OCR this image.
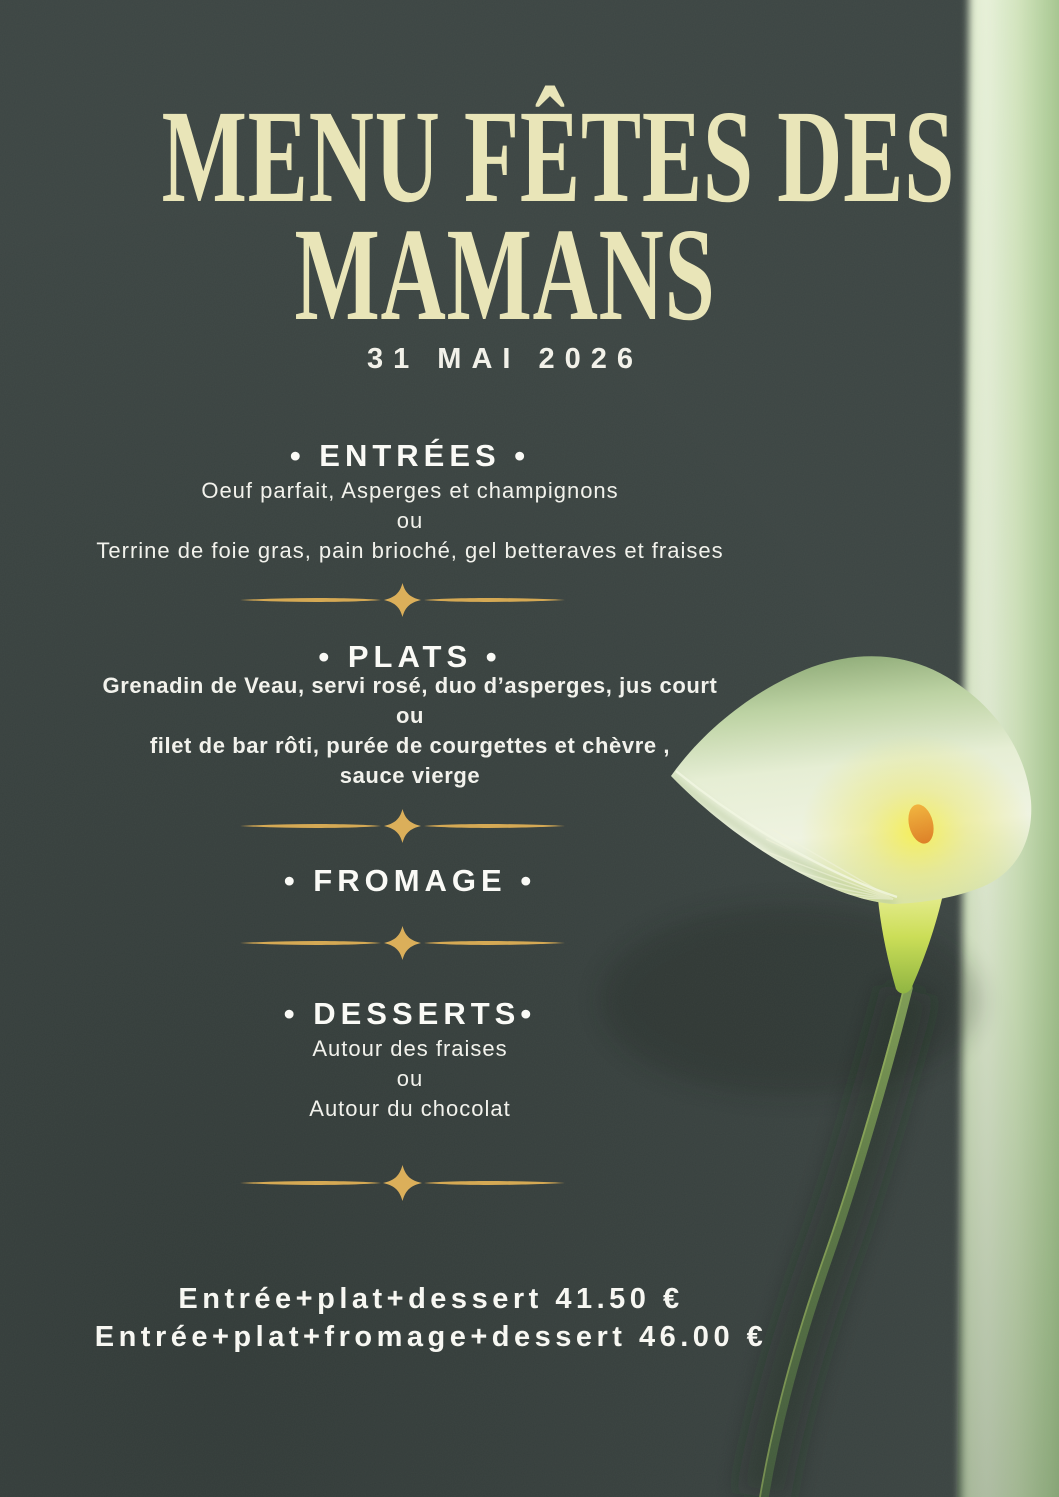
MENU FÊTES DES
MAMANS
31 MAI 2026
• ENTRÉES •
Oeuf parfait, Asperges et champignons
ou
Terrine de foie gras, pain brioché, gel betteraves et fraises
• PLATS •
Grenadin de Veau, servi rosé, duo d’asperges, jus court
ou
filet de bar rôti, purée de courgettes et chèvre ,
sauce vierge
• FROMAGE •
• DESSERTS•
Autour des fraises
ou
Autour du chocolat
Entrée+plat+dessert 41.50 €
Entrée+plat+fromage+dessert 46.00 €
